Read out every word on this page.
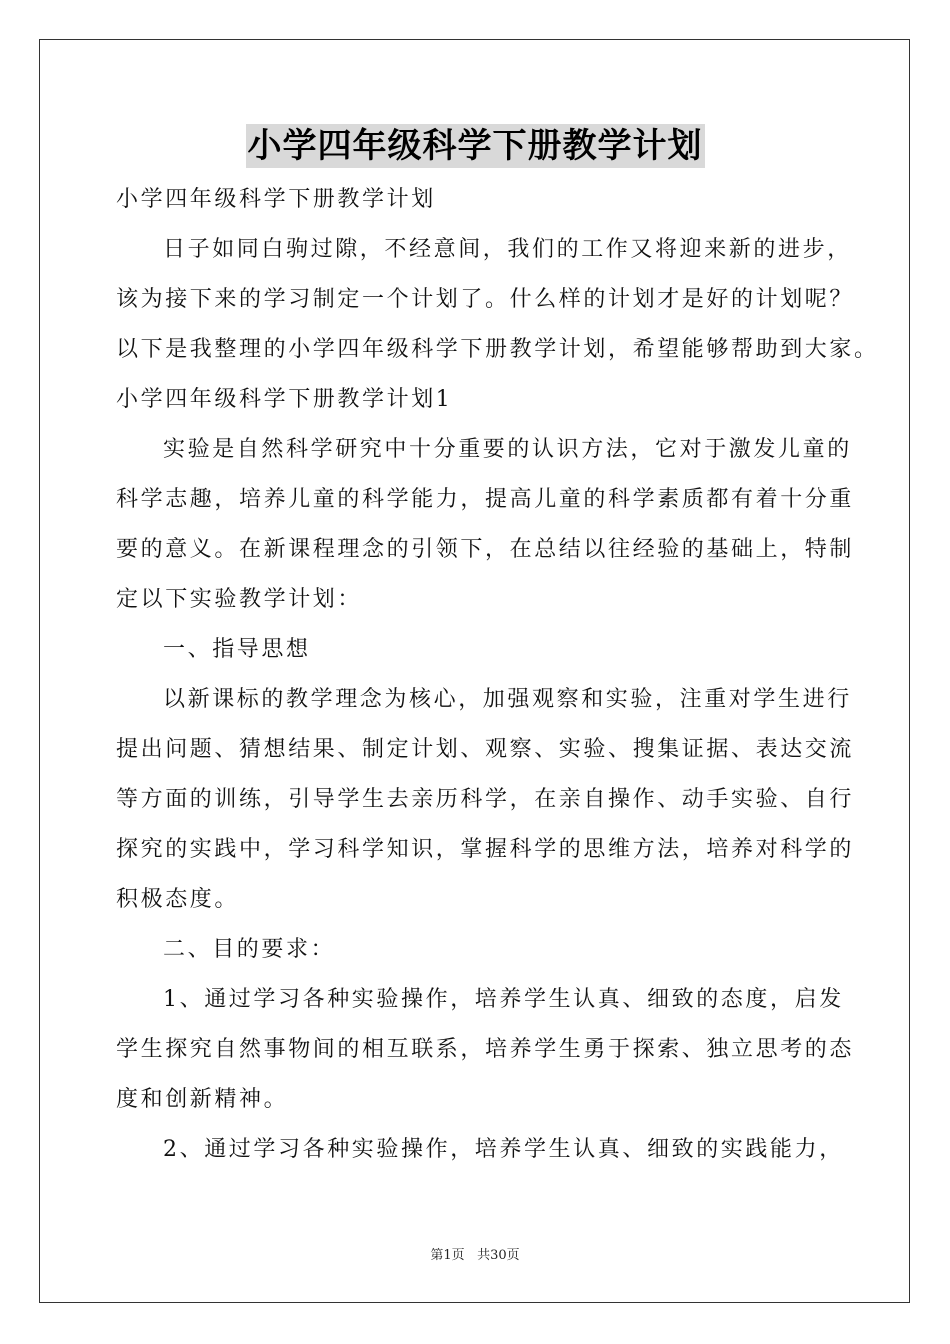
小学四年级科学下册教学计划
小学四年级科学下册教学计划
日子如同白驹过隙，不经意间，我们的工作又将迎来新的进步，
该为接下来的学习制定一个计划了。什么样的计划才是好的计划呢？
以下是我整理的小学四年级科学下册教学计划，希望能够帮助到大家。
小学四年级科学下册教学计划1
实验是自然科学研究中十分重要的认识方法，它对于激发儿童的
科学志趣，培养儿童的科学能力，提高儿童的科学素质都有着十分重
要的意义。在新课程理念的引领下，在总结以往经验的基础上，特制
定以下实验教学计划：
一、指导思想
以新课标的教学理念为核心，加强观察和实验，注重对学生进行
提出问题、猜想结果、制定计划、观察、实验、搜集证据、表达交流
等方面的训练，引导学生去亲历科学，在亲自操作、动手实验、自行
探究的实践中，学习科学知识，掌握科学的思维方法，培养对科学的
积极态度。
二、目的要求：
1、通过学习各种实验操作，培养学生认真、细致的态度，启发
学生探究自然事物间的相互联系，培养学生勇于探索、独立思考的态
度和创新精神。
2、通过学习各种实验操作，培养学生认真、细致的实践能力，
第1页 共30页
